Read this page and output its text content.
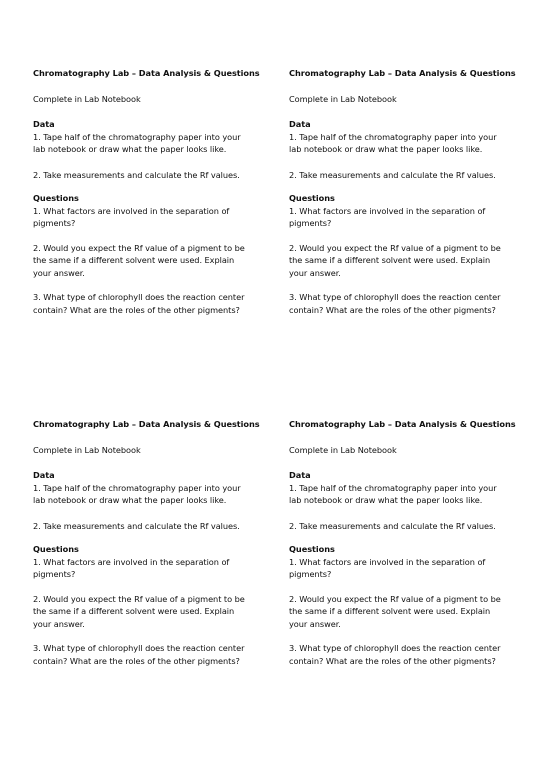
Chromatography Lab – Data Analysis & Questions
Complete in Lab Notebook
Data
1. Tape half of the chromatography paper into your
lab notebook or draw what the paper looks like.
2. Take measurements and calculate the Rf values.
Questions
1. What factors are involved in the separation of
pigments?
2. Would you expect the Rf value of a pigment to be
the same if a different solvent were used. Explain
your answer.
3. What type of chlorophyll does the reaction center
contain? What are the roles of the other pigments?
Chromatography Lab – Data Analysis & Questions
Complete in Lab Notebook
Data
1. Tape half of the chromatography paper into your
lab notebook or draw what the paper looks like.
2. Take measurements and calculate the Rf values.
Questions
1. What factors are involved in the separation of
pigments?
2. Would you expect the Rf value of a pigment to be
the same if a different solvent were used. Explain
your answer.
3. What type of chlorophyll does the reaction center
contain? What are the roles of the other pigments?
Chromatography Lab – Data Analysis & Questions
Complete in Lab Notebook
Data
1. Tape half of the chromatography paper into your
lab notebook or draw what the paper looks like.
2. Take measurements and calculate the Rf values.
Questions
1. What factors are involved in the separation of
pigments?
2. Would you expect the Rf value of a pigment to be
the same if a different solvent were used. Explain
your answer.
3. What type of chlorophyll does the reaction center
contain? What are the roles of the other pigments?
Chromatography Lab – Data Analysis & Questions
Complete in Lab Notebook
Data
1. Tape half of the chromatography paper into your
lab notebook or draw what the paper looks like.
2. Take measurements and calculate the Rf values.
Questions
1. What factors are involved in the separation of
pigments?
2. Would you expect the Rf value of a pigment to be
the same if a different solvent were used. Explain
your answer.
3. What type of chlorophyll does the reaction center
contain? What are the roles of the other pigments?
